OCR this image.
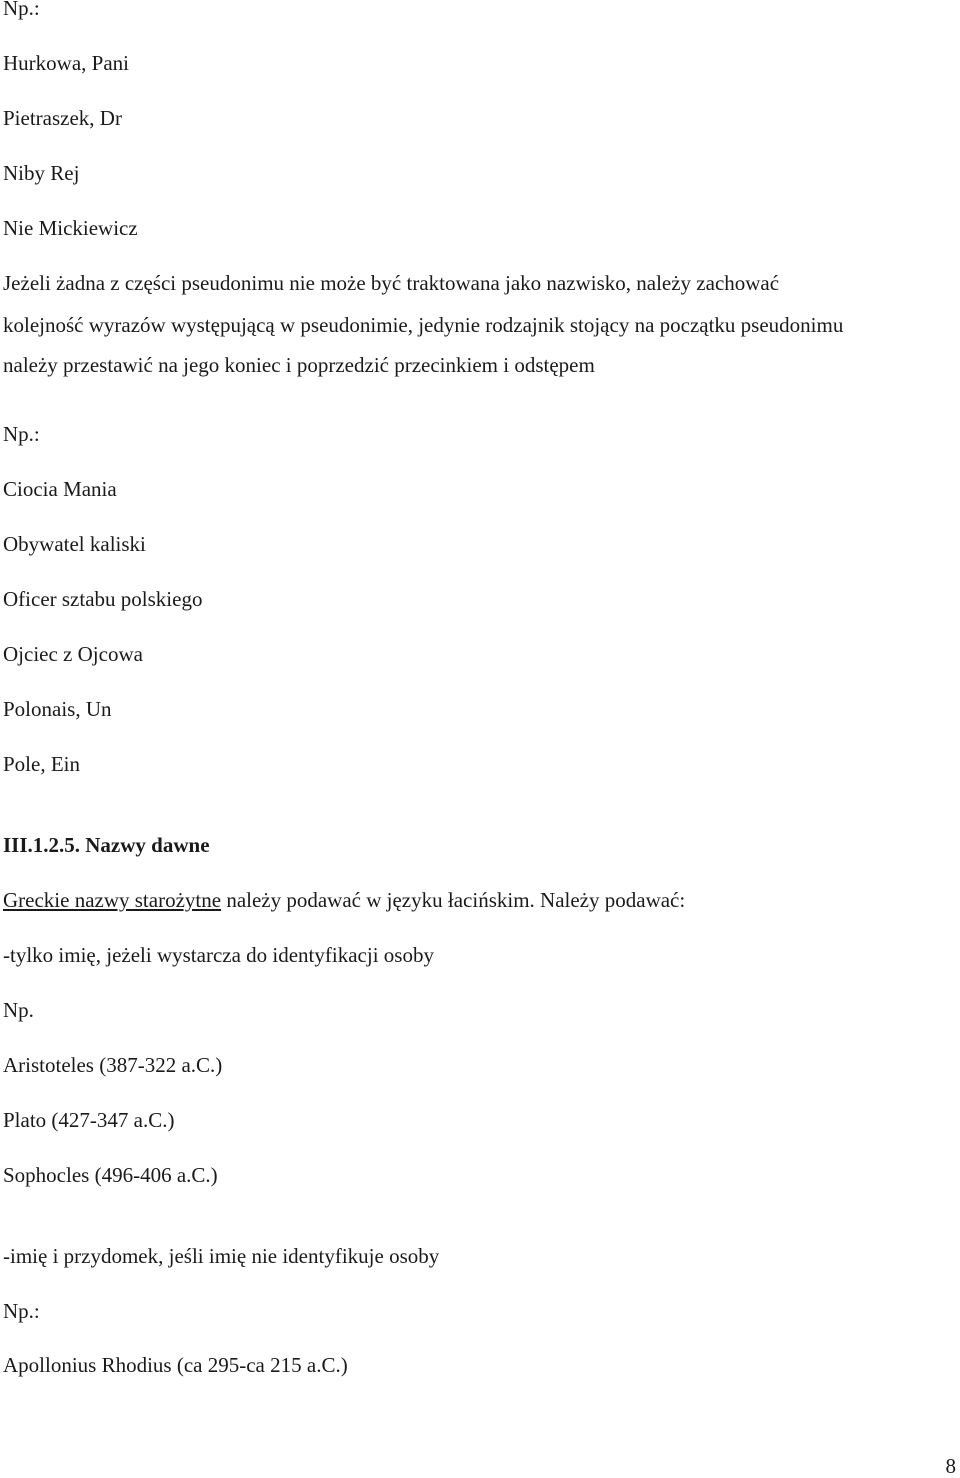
Np.:

Hurkowa, Pani

Pietraszek, Dr

Niby Rej

Nie Mickiewicz

Jeżeli żadna z części pseudonimu nie może być traktowana jako nazwisko, należy zachować

kolejność wyrazów występującą w pseudonimie, jedynie rodzajnik stojący na początku pseudonimu

należy przestawić na jego koniec i poprzedzić przecinkiem i odstępem

Np.:

Ciocia Mania

Obywatel kaliski

Oficer sztabu polskiego

Ojciec z Ojcowa

Polonais, Un

Pole, Ein

III.1.2.5. Nazwy dawne

Greckie nazwy starożytne należy podawać w języku łacińskim. Należy podawać:

-tylko imię, jeżeli wystarcza do identyfikacji osoby

Np.

Aristoteles (387-322 a.C.)

Plato (427-347 a.C.)

Sophocles (496-406 a.C.)

-imię i przydomek, jeśli imię nie identyfikuje osoby

Np.:

Apollonius Rhodius (ca 295-ca 215 a.C.)

8
